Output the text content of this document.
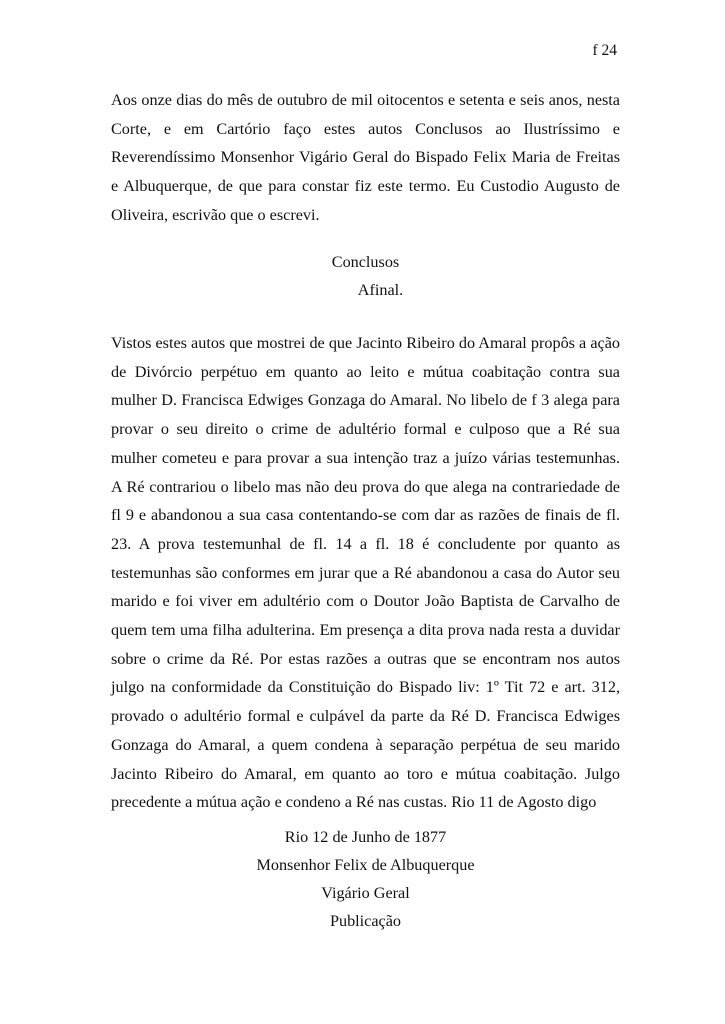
f 24

Aos onze dias do mês de outubro de mil oitocentos e setenta e seis anos, nesta Corte, e em Cartório faço estes autos Conclusos ao Ilustríssimo e Reverendíssimo Monsenhor Vigário Geral do Bispado Felix Maria de Freitas e Albuquerque, de que para constar fiz este termo. Eu Custodio Augusto de Oliveira, escrivão que o escrevi.

Conclusos
Afinal.

Vistos estes autos que mostrei de que Jacinto Ribeiro do Amaral propôs a ação de Divórcio perpétuo em quanto ao leito e mútua coabitação contra sua mulher D. Francisca Edwiges Gonzaga do Amaral. No libelo de f 3 alega para provar o seu direito o crime de adultério formal e culposo que a Ré sua mulher cometeu e para provar a sua intenção traz a juízo várias testemunhas. A Ré contrariou o libelo mas não deu prova do que alega na contrariedade de fl 9 e abandonou a sua casa contentando-se com dar as razões de finais de fl. 23. A prova testemunhal de fl. 14 a fl. 18 é concludente por quanto as testemunhas são conformes em jurar que a Ré abandonou a casa do Autor seu marido e foi viver em adultério com o Doutor João Baptista de Carvalho de quem tem uma filha adulterina. Em presença a dita prova nada resta a duvidar sobre o crime da Ré. Por estas razões a outras que se encontram nos autos julgo na conformidade da Constituição do Bispado liv: 1º Tit 72 e art. 312, provado o adultério formal e culpável da parte da Ré D. Francisca Edwiges Gonzaga do Amaral, a quem condena à separação perpétua de seu marido Jacinto Ribeiro do Amaral, em quanto ao toro e mútua coabitação. Julgo precedente a mútua ação e condeno a Ré nas custas. Rio 11 de Agosto digo

Rio 12 de Junho de 1877
Monsenhor Felix de Albuquerque
Vigário Geral
Publicação
